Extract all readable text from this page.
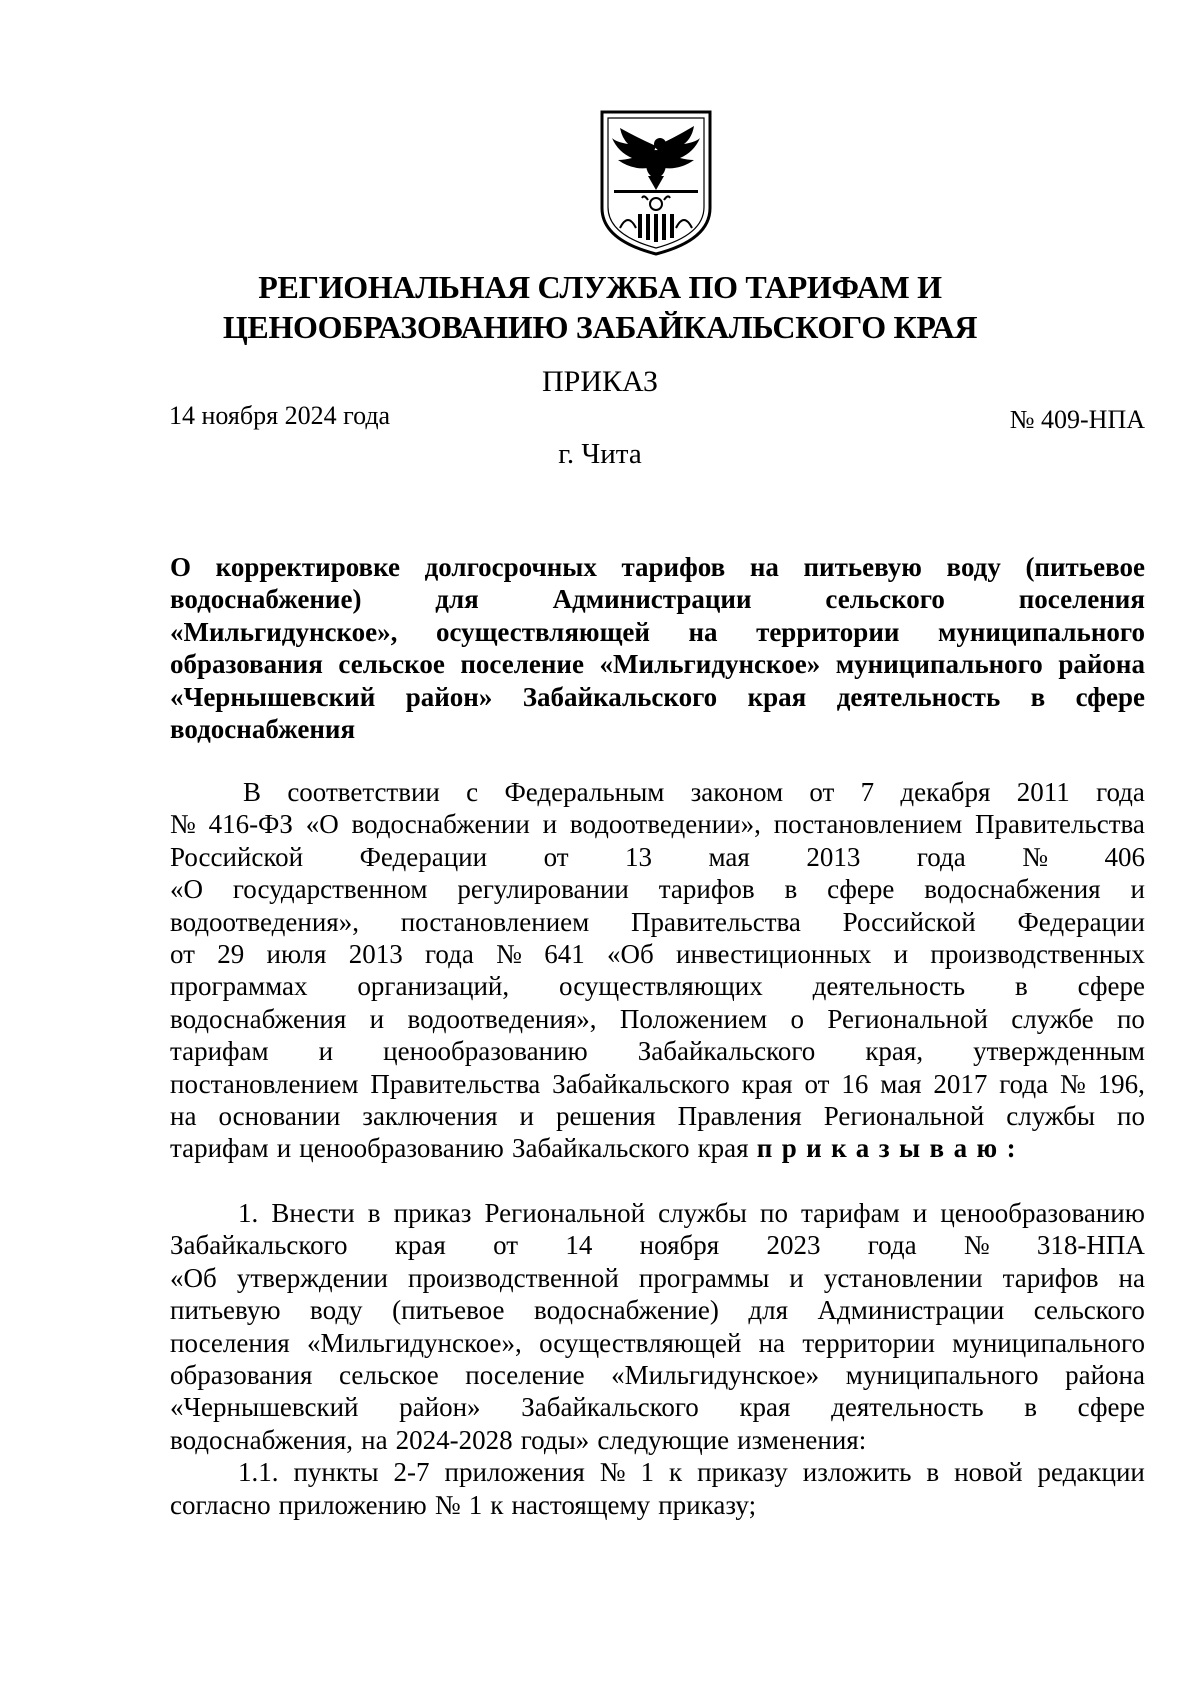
РЕГИОНАЛЬНАЯ СЛУЖБА ПО ТАРИФАМ И
ЦЕНООБРАЗОВАНИЮ ЗАБАЙКАЛЬСКОГО КРАЯ
ПРИКАЗ
14 ноября 2024 года	№ 409-НПА
г. Чита
О корректировке долгосрочных тарифов на питьевую воду (питьевое
водоснабжение)	для	Администрации	сельского	поселения
«Мильгидунское», осуществляющей на территории муниципального
образования сельское поселение «Мильгидунское» муниципального района
«Чернышевский район» Забайкальского края деятельность в сфере
водоснабжения
В соответствии с Федеральным законом от 7 декабря 2011 года
№ 416-ФЗ «О водоснабжении и водоотведении», постановлением Правительства
Российской Федерации от 13 мая 2013 года № 406
«О государственном регулировании тарифов в сфере водоснабжения и
водоотведения», постановлением Правительства Российской Федерации
от 29 июля 2013 года № 641 «Об инвестиционных и производственных
программах организаций, осуществляющих деятельность в сфере
водоснабжения и водоотведения», Положением о Региональной службе по
тарифам и ценообразованию Забайкальского края, утвержденным
постановлением Правительства Забайкальского края от 16 мая 2017 года № 196,
на основании заключения и решения Правления Региональной службы по
тарифам и ценообразованию Забайкальского края приказываю:
1. Внести в приказ Региональной службы по тарифам и ценообразованию
Забайкальского края от 14 ноября 2023 года № 318-НПА
«Об утверждении производственной программы и установлении тарифов на
питьевую воду (питьевое водоснабжение) для Администрации сельского
поселения «Мильгидунское», осуществляющей на территории муниципального
образования сельское поселение «Мильгидунское» муниципального района
«Чернышевский район» Забайкальского края деятельность в сфере
водоснабжения, на 2024-2028 годы» следующие изменения:
1.1. пункты 2-7 приложения № 1 к приказу изложить в новой редакции
согласно приложению № 1 к настоящему приказу;
